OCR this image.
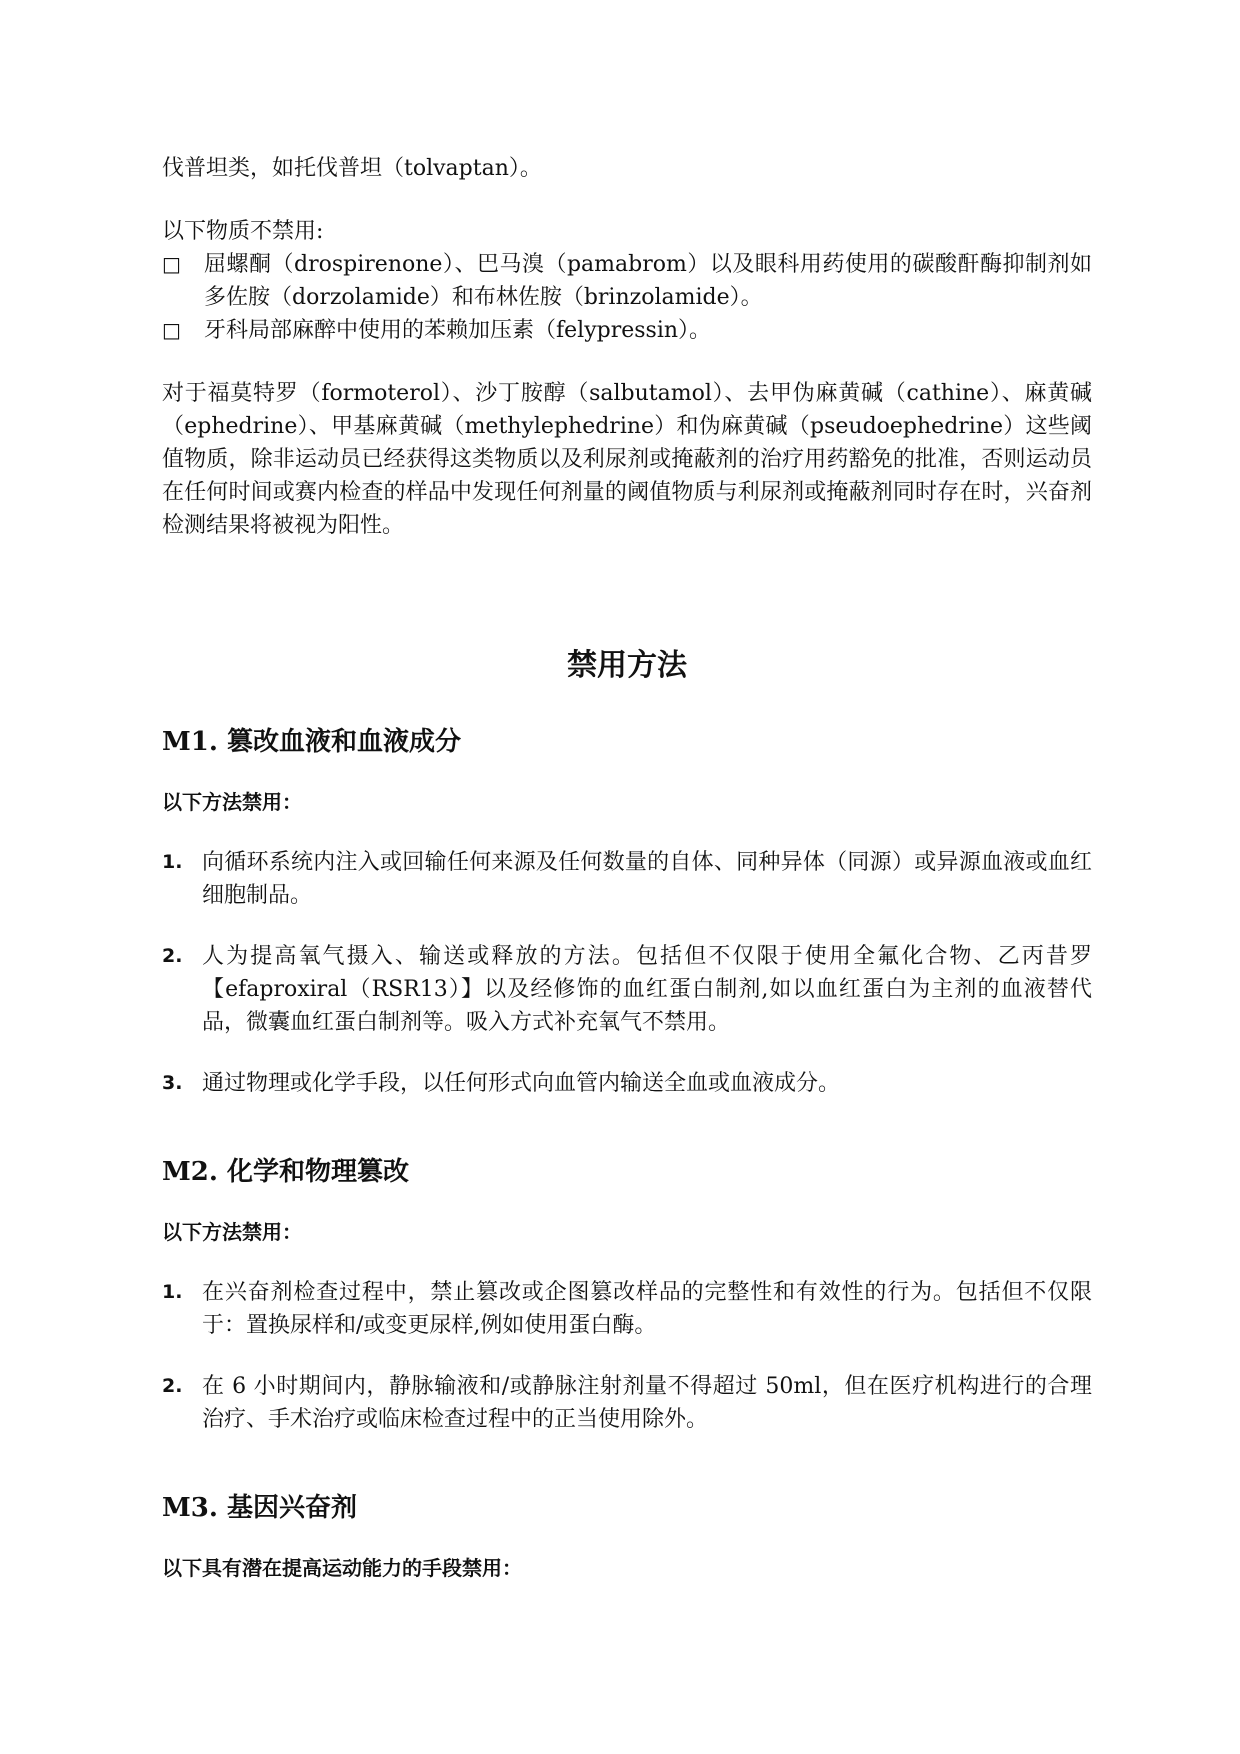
伐普坦类，如托伐普坦（tolvaptan）。

以下物质不禁用:

□	屈螺酮（drospirenone）、巴马溴（pamabrom）以及眼科用药使用的碳酸酐酶抑制剂如多佐胺（dorzolamide）和布林佐胺（brinzolamide）。
□	牙科局部麻醉中使用的苯赖加压素（felypressin）。

对于福莫特罗（formoterol）、沙丁胺醇（salbutamol）、去甲伪麻黄碱（cathine）、麻黄碱（ephedrine）、甲基麻黄碱（methylephedrine）和伪麻黄碱（pseudoephedrine）这些阈值物质，除非运动员已经获得这类物质以及利尿剂或掩蔽剂的治疗用药豁免的批准，否则运动员在任何时间或赛内检查的样品中发现任何剂量的阈值物质与利尿剂或掩蔽剂同时存在时，兴奋剂检测结果将被视为阳性。

禁用方法
M1. 篡改血液和血液成分

以下方法禁用：

1. 向循环系统内注入或回输任何来源及任何数量的自体、同种异体（同源）或异源血液或血红细胞制品。
2. 人为提高氧气摄入、输送或释放的方法。包括但不仅限于使用全氟化合物、乙丙昔罗【efaproxiral（RSR13）】以及经修饰的血红蛋白制剂,如以血红蛋白为主剂的血液替代品，微囊血红蛋白制剂等。吸入方式补充氧气不禁用。
3. 通过物理或化学手段，以任何形式向血管内输送全血或血液成分。
M2. 化学和物理篡改

以下方法禁用：

1. 在兴奋剂检查过程中，禁止篡改或企图篡改样品的完整性和有效性的行为。包括但不仅限于：置换尿样和/或变更尿样,例如使用蛋白酶。
2. 在 6 小时期间内，静脉输液和/或静脉注射剂量不得超过 50ml，但在医疗机构进行的合理治疗、手术治疗或临床检查过程中的正当使用除外。
M3. 基因兴奋剂

以下具有潜在提高运动能力的手段禁用：
